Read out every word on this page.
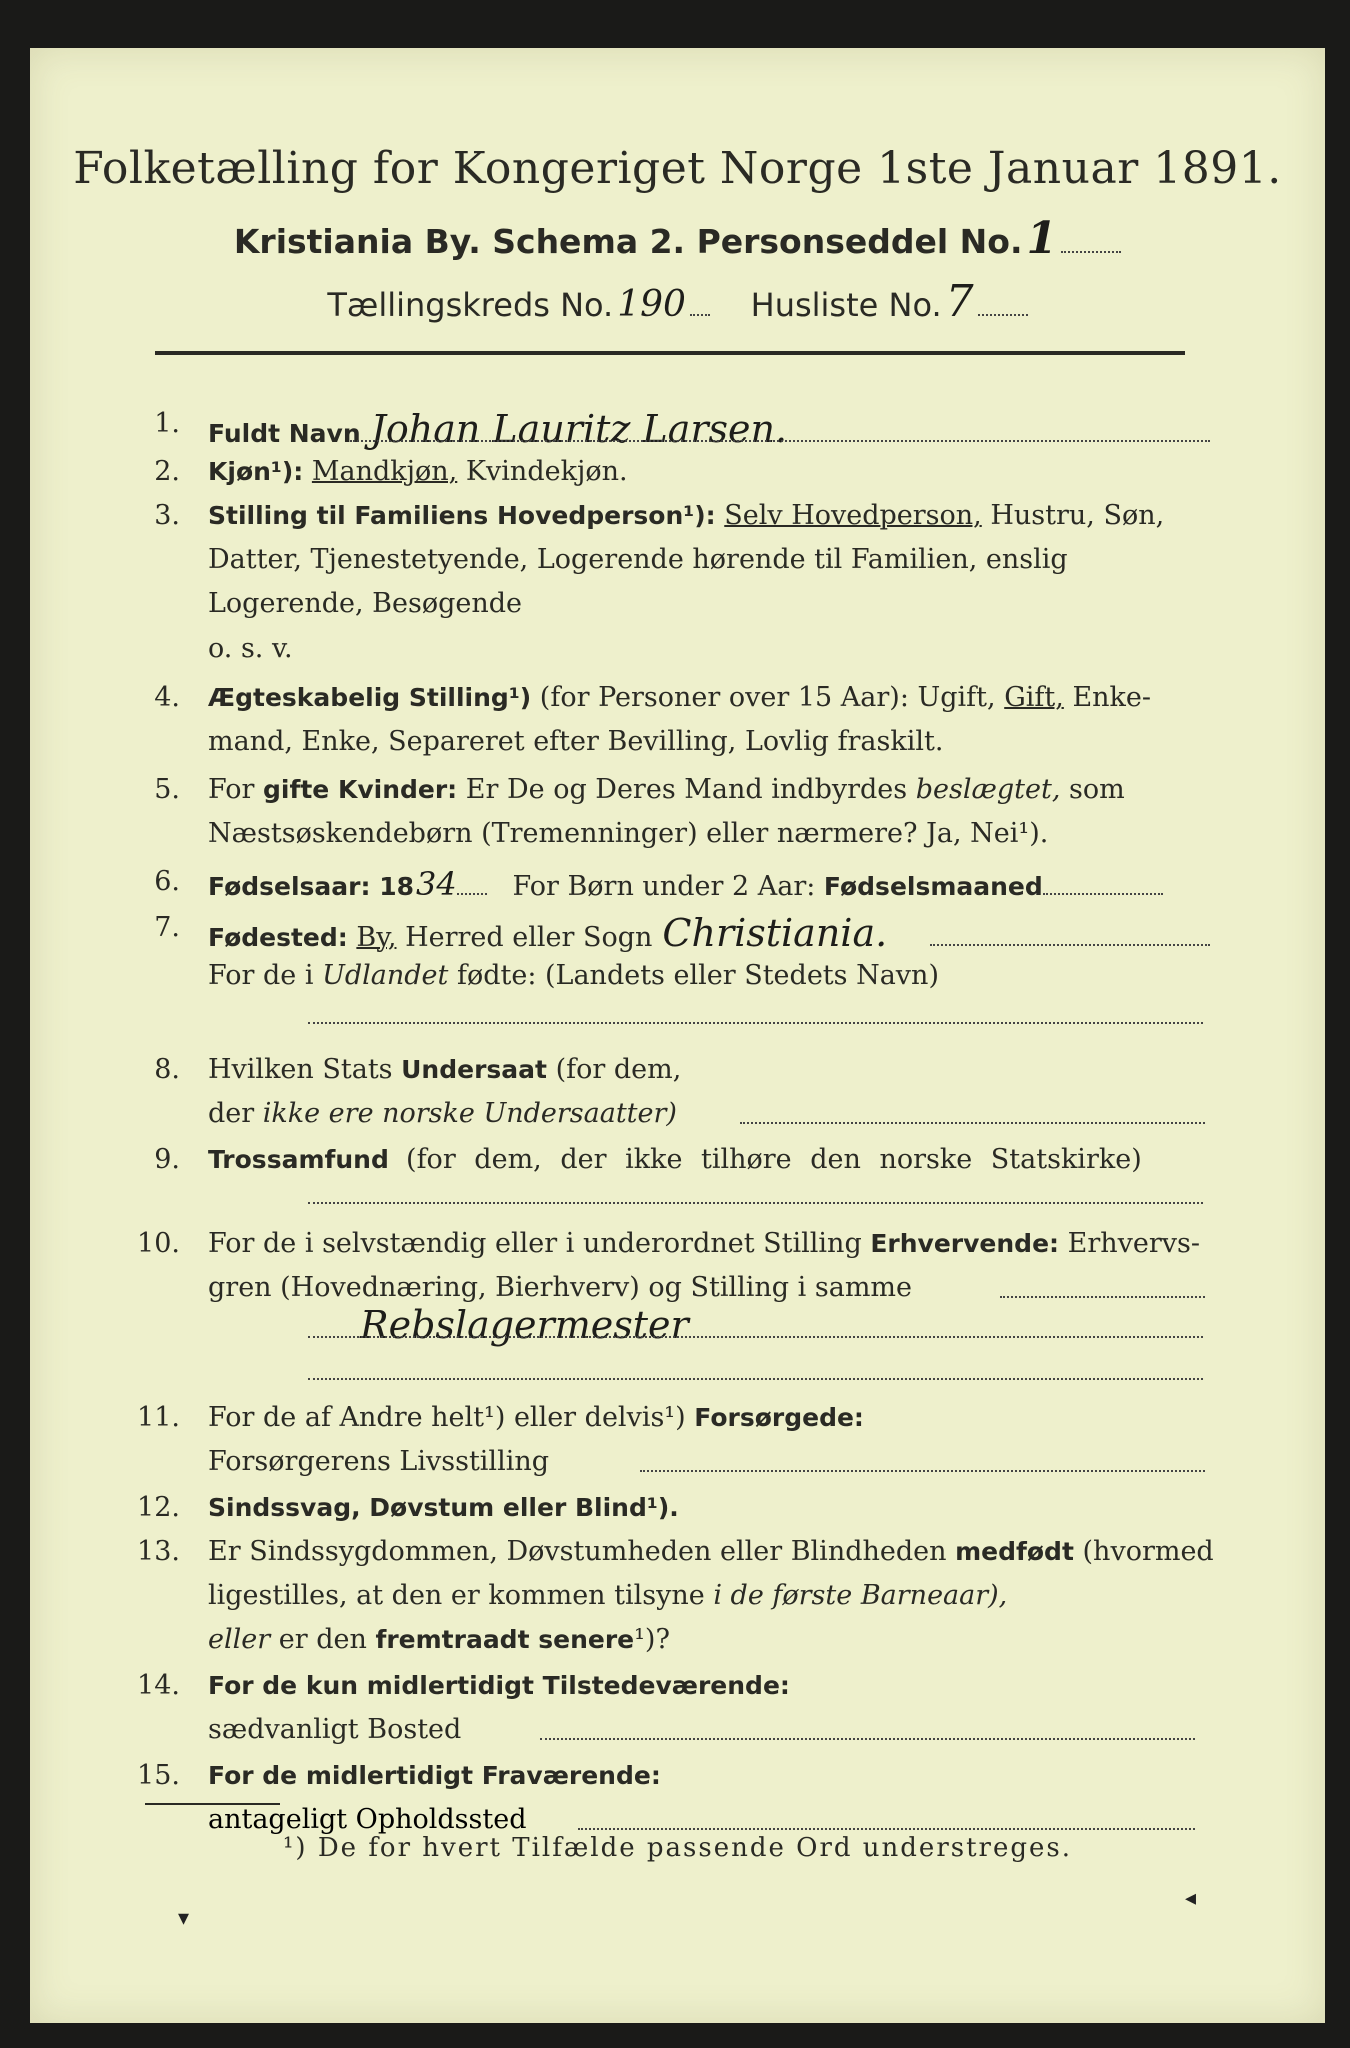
Folketælling for Kongeriget Norge 1ste Januar 1891.
Kristiania By. Schema 2. Personseddel No.1
Tællingskreds No. 190 Husliste No.7
1. Fuldt Navn Johan Lauritz Larsen.
2. Kjøn¹): Mandkjøn, Kvindekjøn.
3. Stilling til Familiens Hovedperson¹): Selv Hovedperson, Hustru, Søn,
Datter, Tjenestetyende, Logerende hørende til Familien, enslig
Logerende, Besøgende
o. s. v.
4. Ægteskabelig Stilling¹) (for Personer over 15 Aar): Ugift, Gift, Enke-
mand, Enke, Separeret efter Bevilling, Lovlig fraskilt.
5. For gifte Kvinder: Er De og Deres Mand indbyrdes beslægtet, som
Næstsøskendebørn (Tremenninger) eller nærmere? Ja, Nei¹).
6. Fødselsaar: 1834 For Børn under 2 Aar: Fødselsmaaned
7. Fødested: By, Herred eller Sogn Christiania.
For de i Udlandet fødte: (Landets eller Stedets Navn)
8. Hvilken Stats Undersaat (for dem,
der ikke ere norske Undersaatter)
9. Trossamfund (for dem, der ikke tilhøre den norske Statskirke)
10. For de i selvstændig eller i underordnet Stilling Erhvervende: Erhvervs-
gren (Hovednæring, Bierhverv) og Stilling i samme
Rebslagermester
11. For de af Andre helt¹) eller delvis¹) Forsørgede:
Forsørgerens Livsstilling
12. Sindssvag, Døvstum eller Blind¹).
13. Er Sindssygdommen, Døvstumheden eller Blindheden medfødt (hvormed
ligestilles, at den er kommen tilsyne i de første Barneaar),
eller er den fremtraadt senere¹)?
14. For de kun midlertidigt Tilstedeværende:
sædvanligt Bosted
15. For de midlertidigt Fraværende:
¹) De for hvert Tilfælde passende Ord understreges.
▾
◂
antageligt Opholdssted
